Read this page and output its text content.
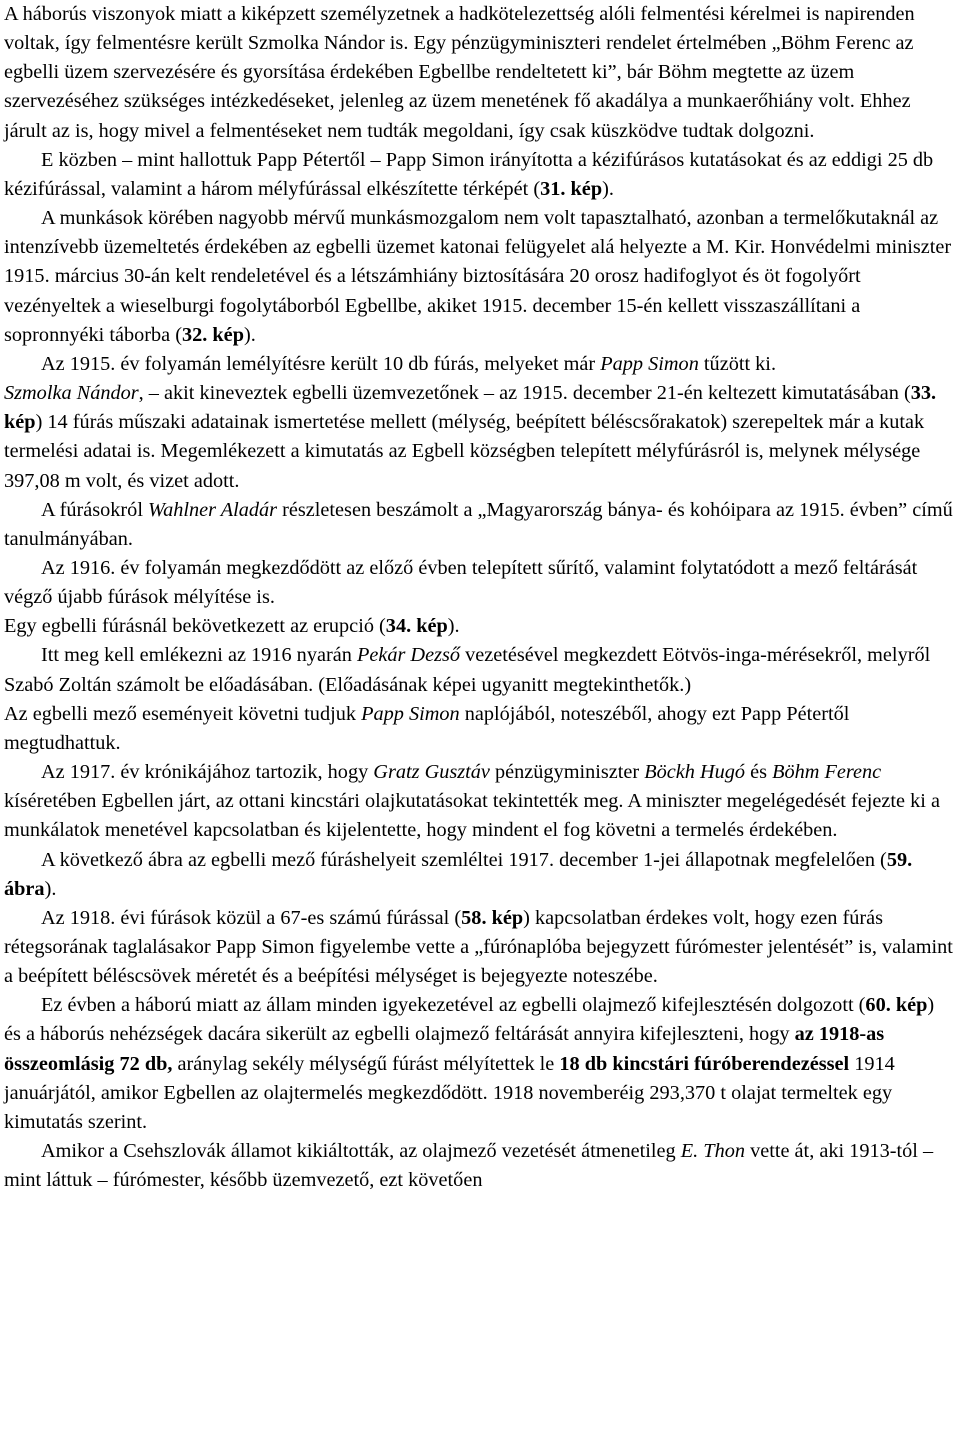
A háborús viszonyok miatt a kiképzett személyzetnek a hadkötelezettség alóli felmentési kérelmei is napirenden voltak, így felmentésre került Szmolka Nándor is. Egy pénzügyminiszteri rendelet értelmében „Böhm Ferenc az egbelli üzem szervezésére és gyorsítása érdekében Egbellbe rendeltetett ki”, bár Böhm megtette az üzem szervezéséhez szükséges intézkedéseket, jelenleg az üzem menetének fő akadálya a munkaerőhiány volt. Ehhez járult az is, hogy mivel a felmentéseket nem tudták megoldani, így csak küszködve tudtak dolgozni.

E közben – mint hallottuk Papp Pétertől – Papp Simon irányította a kézifúrásos kutatásokat és az eddigi 25 db kézifúrással, valamint a három mélyfúrással elkészítette térképét (31. kép).

A munkások körében nagyobb mérvű munkásmozgalom nem volt tapasztalható, azonban a termelőkutaknál az intenzívebb üzemeltetés érdekében az egbelli üzemet katonai felügyelet alá helyezte a M. Kir. Honvédelmi miniszter 1915. március 30-án kelt rendeletével és a létszámhiány biztosítására 20 orosz hadifoglyot és öt fogolyőrt vezényeltek a wieselburgi fogolytáborból Egbellbe, akiket 1915. december 15-én kellett visszaszállítani a sopronnyéki táborba (32. kép).

Az 1915. év folyamán lemélyítésre került 10 db fúrás, melyeket már Papp Simon tűzött ki.

Szmolka Nándor, – akit kineveztek egbelli üzemvezetőnek – az 1915. december 21-én keltezett kimutatásában (33. kép) 14 fúrás műszaki adatainak ismertetése mellett (mélység, beépített béléscsőrakatok) szerepeltek már a kutak termelési adatai is. Megemlékezett a kimutatás az Egbell községben telepített mélyfúrásról is, melynek mélysége 397,08 m volt, és vizet adott.

A fúrásokról Wahlner Aladár részletesen beszámolt a „Magyarország bánya- és kohóipara az 1915. évben” című tanulmányában.

Az 1916. év folyamán megkezdődött az előző évben telepített sűrítő, valamint folytatódott a mező feltárását végző újabb fúrások mélyítése is.

Egy egbelli fúrásnál bekövetkezett az erupció (34. kép).

Itt meg kell emlékezni az 1916 nyarán Pekár Dezső vezetésével megkezdett Eötvös-inga-mérésekről, melyről Szabó Zoltán számolt be előadásában. (Előadásának képei ugyanitt megtekinthetők.)

Az egbelli mező eseményeit követni tudjuk Papp Simon naplójából, noteszéből, ahogy ezt Papp Pétertől megtudhattuk.

Az 1917. év krónikájához tartozik, hogy Gratz Gusztáv pénzügyminiszter Böckh Hugó és Böhm Ferenc kíséretében Egbellen járt, az ottani kincstári olajkutatásokat tekintették meg. A miniszter megelégedését fejezte ki a munkálatok menetével kapcsolatban és kijelentette, hogy mindent el fog követni a termelés érdekében.

A következő ábra az egbelli mező fúráshelyeit szemléltei 1917. december 1-jei állapotnak megfelelően (59. ábra).

Az 1918. évi fúrások közül a 67-es számú fúrással (58. kép) kapcsolatban érdekes volt, hogy ezen fúrás rétegsorának taglalásakor Papp Simon figyelembe vette a „fúrónaplóba bejegyzett fúrómester jelentését” is, valamint a beépített béléscsövek méretét és a beépítési mélységet is bejegyezte noteszébe.

Ez évben a háború miatt az állam minden igyekezetével az egbelli olajmező kifejlesztésén dolgozott (60. kép) és a háborús nehézségek dacára sikerült az egbelli olajmező feltárását annyira kifejleszteni, hogy az 1918-as összeomlásig 72 db, aránylag sekély mélységű fúrást mélyítettek le 18 db kincstári fúróberendezéssel 1914 januárjától, amikor Egbellen az olajtermelés megkezdődött. 1918 novemberéig 293,370 t olajat termeltek egy kimutatás szerint.

Amikor a Csehszlovák államot kikiáltották, az olajmező vezetését átmenetileg E. Thon vette át, aki 1913-tól – mint láttuk – fúrómester, később üzemvezető, ezt követően
